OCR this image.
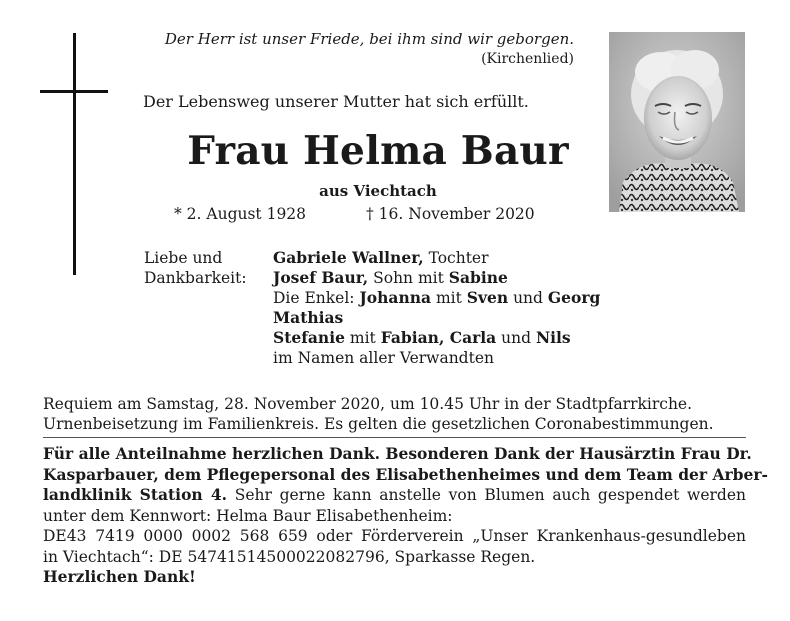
Der Herr ist unser Friede, bei ihm sind wir geborgen.
(Kirchenlied)
Der Lebensweg unserer Mutter hat sich erfüllt.
Frau Helma Baur
aus Viechtach
* 2. August 1928	† 16. November 2020
Liebe und
Dankbarkeit:
Gabriele Wallner, Tochter
Josef Baur, Sohn mit Sabine
Die Enkel: Johanna mit Sven und Georg
Mathias
Stefanie mit Fabian, Carla und Nils
im Namen aller Verwandten
Requiem am Samstag, 28. November 2020, um 10.45 Uhr in der Stadtpfarrkirche.
Urnenbeisetzung im Familienkreis. Es gelten die gesetzlichen Coronabestimmungen.
Für alle Anteilnahme herzlichen Dank. Besonderen Dank der Hausärztin Frau Dr.
Kasparbauer, dem Pflegepersonal des Elisabethenheimes und dem Team der Arber-
landklinik Station 4. Sehr gerne kann anstelle von Blumen auch gespendet werden
unter dem Kennwort: Helma Baur Elisabethenheim:
DE43 7419 0000 0002 568 659 oder Förderverein „Unser Krankenhaus-gesundleben
in Viechtach“: DE 54741514500022082796, Sparkasse Regen.
Herzlichen Dank!
